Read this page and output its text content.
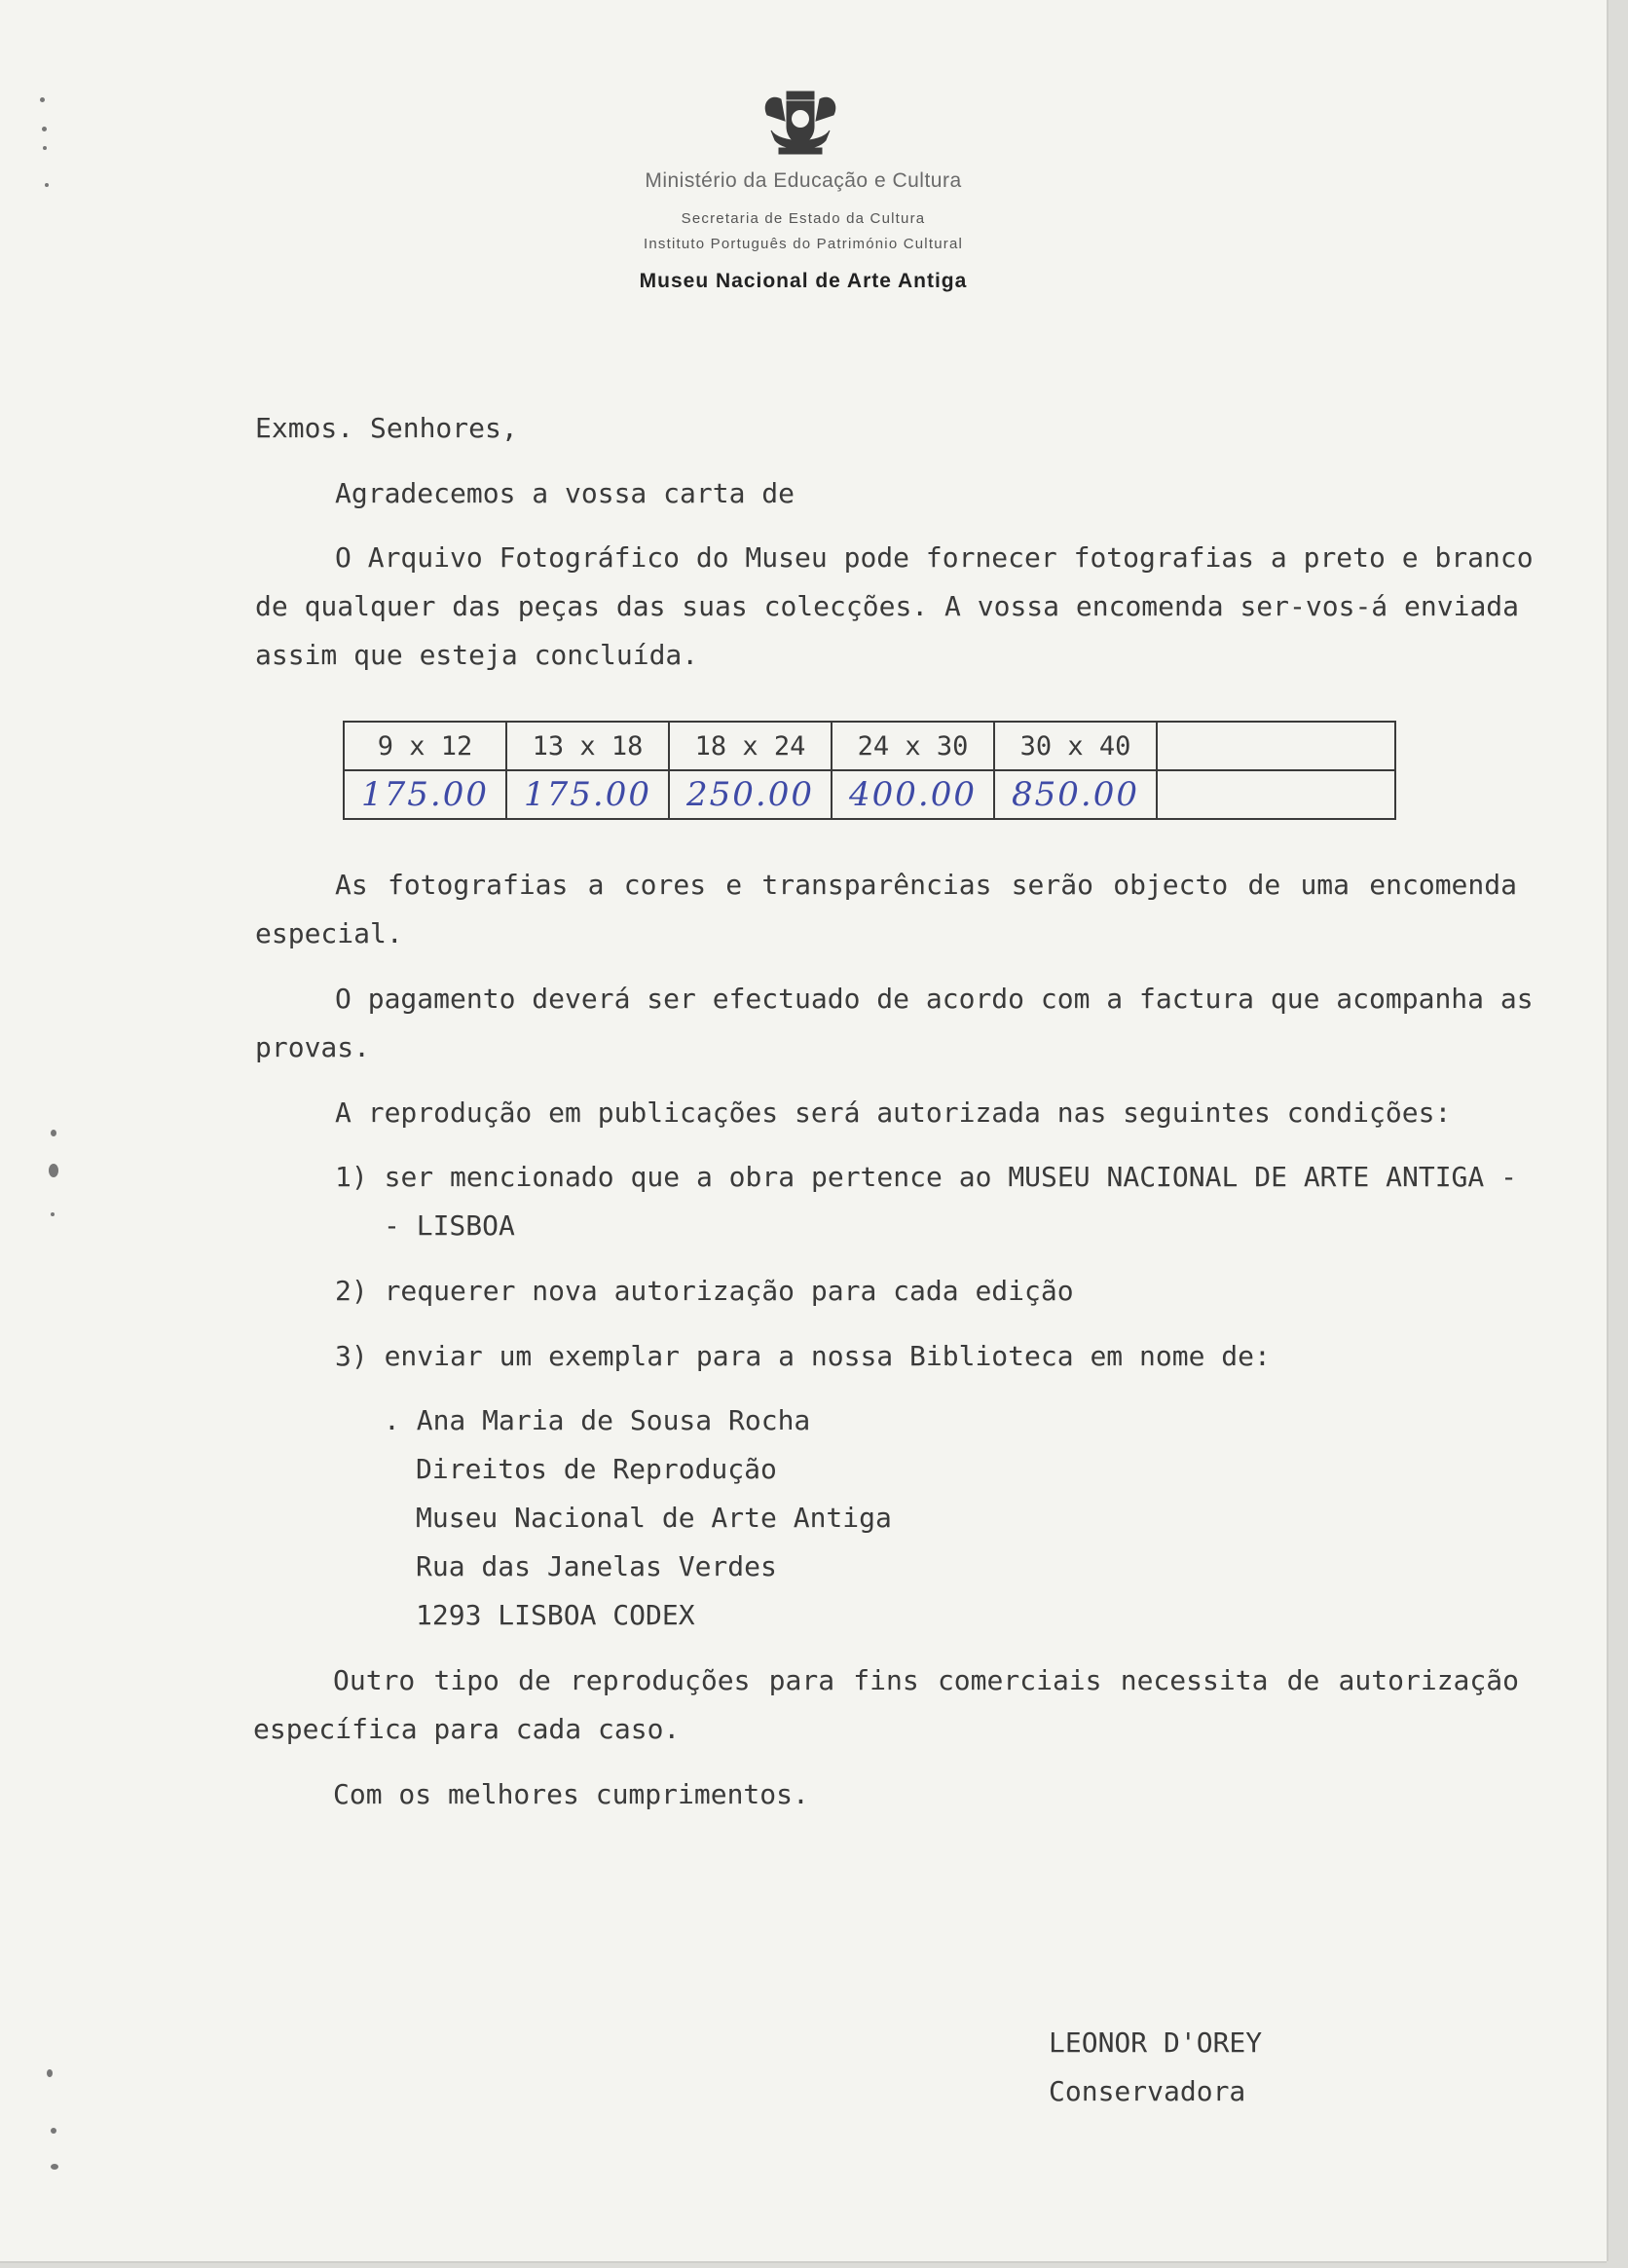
Ministério da Educação e Cultura
Secretaria de Estado da Cultura
Instituto Português do Património Cultural
Museu Nacional de Arte Antiga
Exmos. Senhores,
Agradecemos a vossa carta de
O Arquivo Fotográfico do Museu pode fornecer fotografias a preto e branco
de qualquer das peças das suas colecções. A vossa encomenda ser-vos-á enviada
assim que esteja concluída.
9 x 12	13 x 18	18 x 24	24 x 30	30 x 40	
175.00	175.00	250.00	400.00	850.00	
As fotografias a cores e transparências serão objecto de uma encomenda
especial.
O pagamento deverá ser efectuado de acordo com a factura que acompanha as
provas.
A reprodução em publicações será autorizada nas seguintes condições:
1) ser mencionado que a obra pertence ao MUSEU NACIONAL DE ARTE ANTIGA -
- LISBOA
2) requerer nova autorização para cada edição
3) enviar um exemplar para a nossa Biblioteca em nome de:
. Ana Maria de Sousa Rocha
Direitos de Reprodução
Museu Nacional de Arte Antiga
Rua das Janelas Verdes
1293 LISBOA CODEX
Outro tipo de reproduções para fins comerciais necessita de autorização
específica para cada caso.
Com os melhores cumprimentos.
LEONOR D'OREY
Conservadora
